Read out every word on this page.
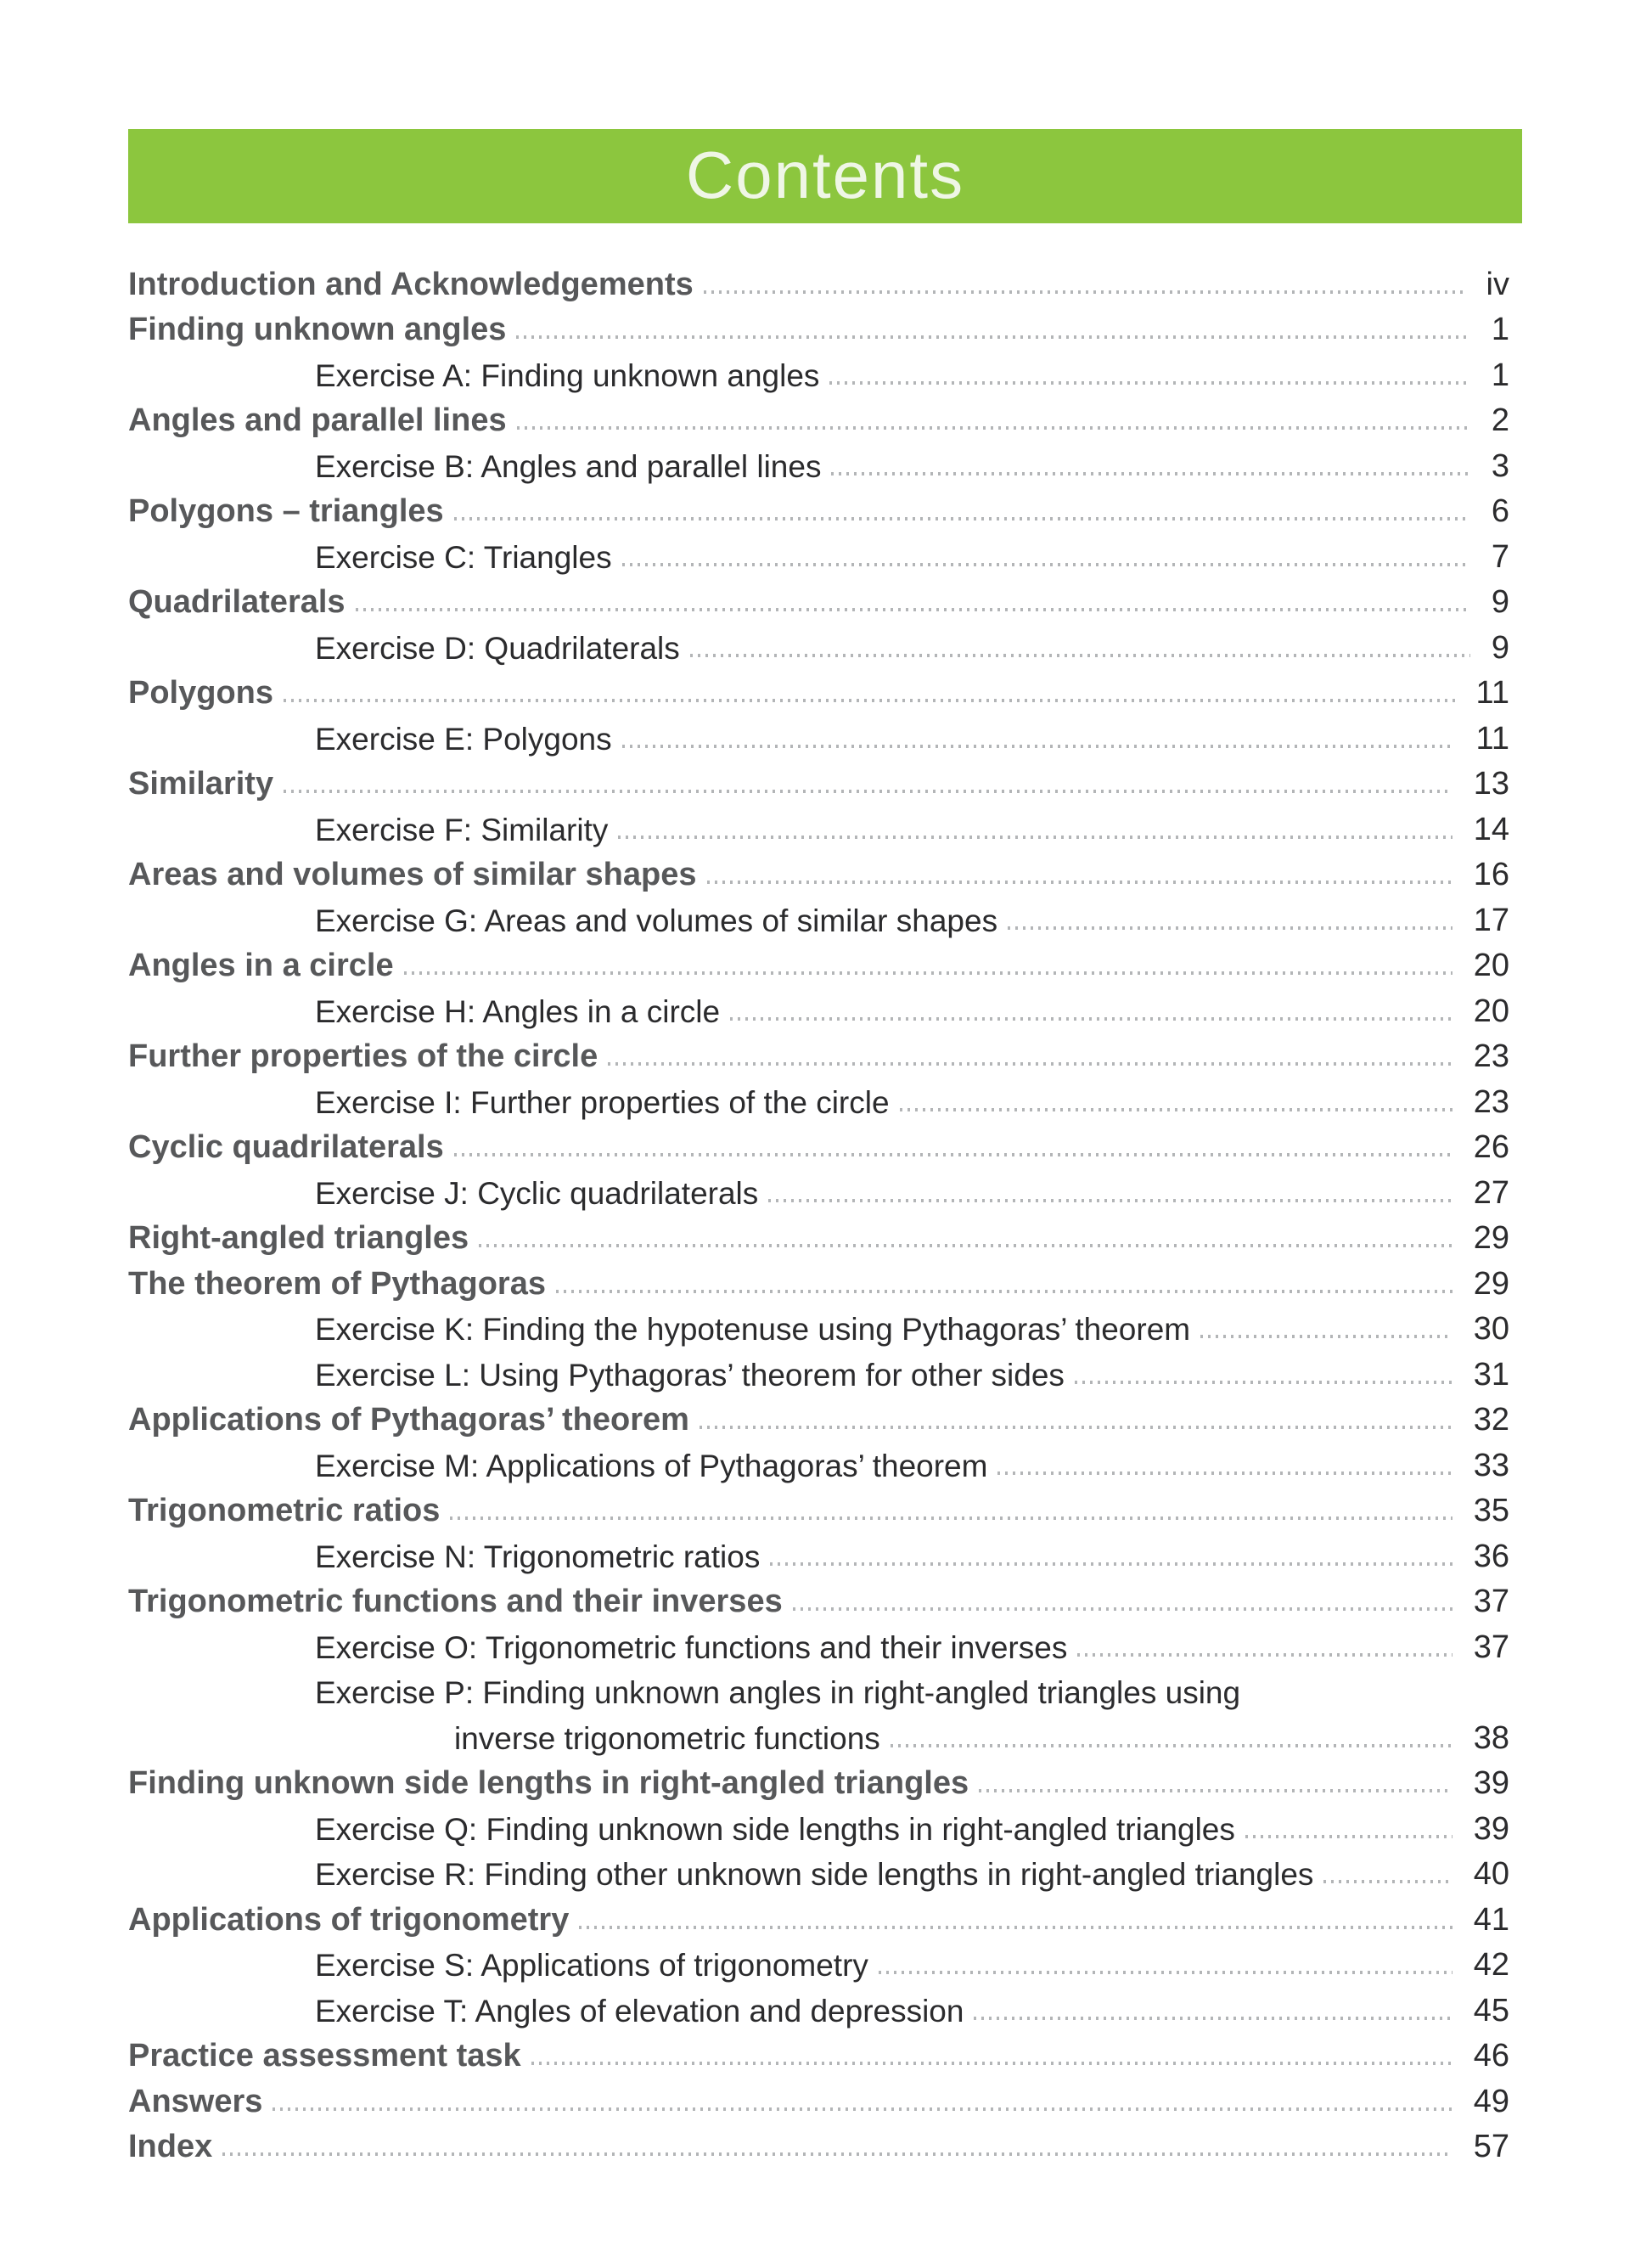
Contents
Introduction and Acknowledgements	iv
Finding unknown angles	1
Exercise A: Finding unknown angles	1
Angles and parallel lines	2
Exercise B: Angles and parallel lines	3
Polygons – triangles	6
Exercise C: Triangles	7
Quadrilaterals	9
Exercise D: Quadrilaterals	9
Polygons	11
Exercise E: Polygons	11
Similarity	13
Exercise F: Similarity	14
Areas and volumes of similar shapes	16
Exercise G: Areas and volumes of similar shapes	17
Angles in a circle	20
Exercise H: Angles in a circle	20
Further properties of the circle	23
Exercise I: Further properties of the circle	23
Cyclic quadrilaterals	26
Exercise J: Cyclic quadrilaterals	27
Right-angled triangles	29
The theorem of Pythagoras	29
Exercise K: Finding the hypotenuse using Pythagoras’ theorem	30
Exercise L: Using Pythagoras’ theorem for other sides	31
Applications of Pythagoras’ theorem	32
Exercise M: Applications of Pythagoras’ theorem	33
Trigonometric ratios	35
Exercise N: Trigonometric ratios	36
Trigonometric functions and their inverses	37
Exercise O: Trigonometric functions and their inverses	37
Exercise P: Finding unknown angles in right-angled triangles using
inverse trigonometric functions	38
Finding unknown side lengths in right-angled triangles	39
Exercise Q: Finding unknown side lengths in right-angled triangles	39
Exercise R: Finding other unknown side lengths in right-angled triangles	40
Applications of trigonometry	41
Exercise S: Applications of trigonometry	42
Exercise T: Angles of elevation and depression	45
Practice assessment task	46
Answers	49
Index	57
